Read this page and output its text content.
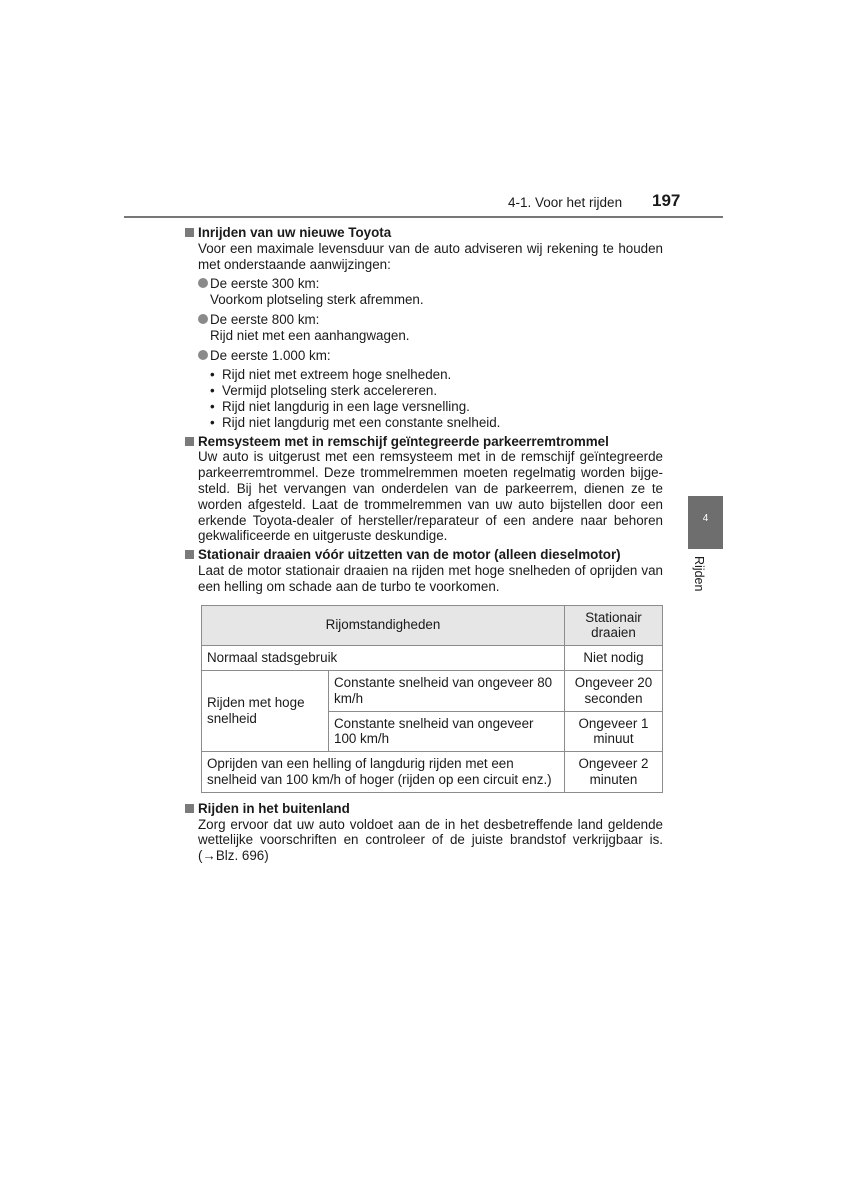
4-1. Voor het rijden 197
4
Rijden
Inrijden van uw nieuwe Toyota
Voor een maximale levensduur van de auto adviseren wij rekening te houden met onderstaande aanwijzingen:
De eerste 300 km:
Voorkom plotseling sterk afremmen.
De eerste 800 km:
Rijd niet met een aanhangwagen.
De eerste 1.000 km:
• Rijd niet met extreem hoge snelheden.
• Vermijd plotseling sterk accelereren.
• Rijd niet langdurig in een lage versnelling.
• Rijd niet langdurig met een constante snelheid.
Remsysteem met in remschijf geïntegreerde parkeerremtrommel
Uw auto is uitgerust met een remsysteem met in de remschijf geïntegreerde parkeerremtrommel. Deze trommelremmen moeten regelmatig worden bijge-steld. Bij het vervangen van onderdelen van de parkeerrem, dienen ze te worden afgesteld. Laat de trommelremmen van uw auto bijstellen door een erkende Toyota-dealer of hersteller/reparateur of een andere naar behoren gekwalificeerde en uitgeruste deskundige.
Stationair draaien vóór uitzetten van de motor (alleen dieselmotor)
Laat de motor stationair draaien na rijden met hoge snelheden of oprijden van een helling om schade aan de turbo te voorkomen.
Rijomstandigheden		Stationair draaien
Normaal stadsgebruik		Niet nodig
Rijden met hoge snelheid	Constante snelheid van ongeveer 80 km/h	Ongeveer 20 seconden
	Constante snelheid van ongeveer 100 km/h	Ongeveer 1 minuut
Oprijden van een helling of langdurig rijden met een snelheid van 100 km/h of hoger (rijden op een circuit enz.)		Ongeveer 2 minuten
Rijden in het buitenland
Zorg ervoor dat uw auto voldoet aan de in het desbetreffende land geldende wettelijke voorschriften en controleer of de juiste brandstof verkrijgbaar is. (→Blz. 696)
